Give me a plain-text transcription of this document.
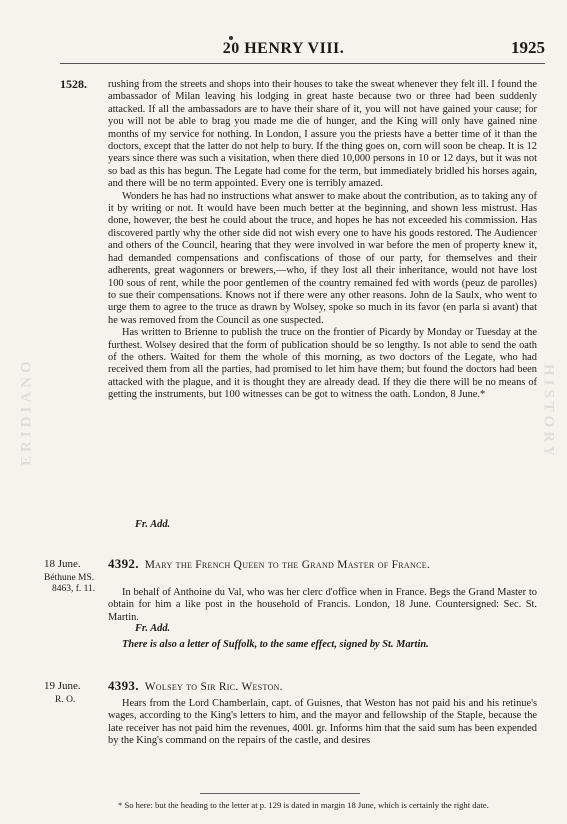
ERIDIANO	HISTORY
20 HENRY VIII.	1925
1528. rushing from the streets and shops into their houses to take the sweat whenever they felt ill. I found the ambassador of Milan leaving his lodging in great haste because two or three had been suddenly attacked. If all the ambassadors are to have their share of it, you will not have gained your cause; for you will not be able to brag you made me die of hunger, and the King will only have gained nine months of my service for nothing. In London, I assure you the priests have a better time of it than the doctors, except that the latter do not help to bury. If the thing goes on, corn will soon be cheap. It is 12 years since there was such a visitation, when there died 10,000 persons in 10 or 12 days, but it was not so bad as this has begun. The Legate had come for the term, but immediately bridled his horses again, and there will be no term appointed. Every one is terribly amazed.

Wonders he has had no instructions what answer to make about the contribution, as to taking any of it by writing or not. It would have been much better at the beginning, and shown less mistrust. Has done, however, the best he could about the truce, and hopes he has not exceeded his commission. Has discovered partly why the other side did not wish every one to have his goods restored. The Audiencer and others of the Council, hearing that they were involved in war before the men of property knew it, had demanded compensations and confiscations of those of our party, for themselves and their adherents, great wagonners or brewers,—who, if they lost all their inheritance, would not have lost 100 sous of rent, while the poor gentlemen of the country remained fed with words (peuz de parolles) to sue their compensations. Knows not if there were any other reasons. John de la Saulx, who went to urge them to agree to the truce as drawn by Wolsey, spoke so much in its favor (en parla si avant) that he was removed from the Council as one suspected.

Has written to Brienne to publish the truce on the frontier of Picardy by Monday or Tuesday at the furthest. Wolsey desired that the form of publication should be so lengthy. Is not able to send the oath of the others. Waited for them the whole of this morning, as two doctors of the Legate, who had received them from all the parties, had promised to let him have them; but found the doctors had been attacked with the plague, and it is thought they are already dead. If they die there will be no means of getting the instruments, but 100 witnesses can be got to witness the oath. London, 8 June.*

Fr. Add.
18 June.
Béthune MS.
8463, f. 11.
4392. Mary the French Queen to the Grand Master of France.

In behalf of Anthoine du Val, who was her clerc d'office when in France. Begs the Grand Master to obtain for him a like post in the household of Francis. London, 18 June. Countersigned: Sec. St. Martin.

Fr. Add.

There is also a letter of Suffolk, to the same effect, signed by St. Martin.

19 June.
R. O.
4393. Wolsey to Sir Ric. Weston.

Hears from the Lord Chamberlain, capt. of Guisnes, that Weston has not paid his and his retinue's wages, according to the King's letters to him, and the mayor and fellowship of the Staple, because the late receiver has not paid him the revenues, 400l. gr. Informs him that the said sum has been expended by the King's command on the repairs of the castle, and desires

* So here: but the heading to the letter at p. 129 is dated in margin 18 June, which is certainly the right date.
